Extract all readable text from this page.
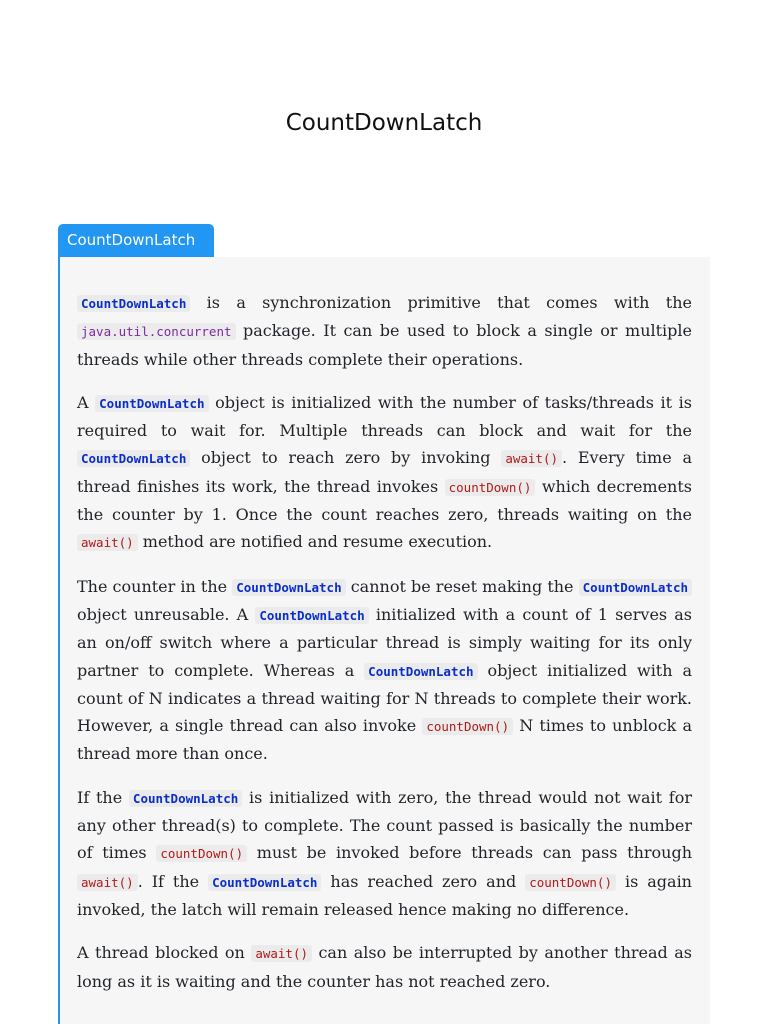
CountDownLatch
CountDownLatch

CountDownLatch is a synchronization primitive that comes with the java.util.concurrent package. It can be used to block a single or multiple threads while other threads complete their operations.

A CountDownLatch object is initialized with the number of tasks/threads it is required to wait for. Multiple threads can block and wait for the CountDownLatch object to reach zero by invoking await() . Every time a thread finishes its work, the thread invokes countDown() which decrements the counter by 1. Once the count reaches zero, threads waiting on the await() method are notified and resume execution.

The counter in the CountDownLatch cannot be reset making the CountDownLatch object unreusable. A CountDownLatch initialized with a count of 1 serves as an on/off switch where a particular thread is simply waiting for its only partner to complete. Whereas a CountDownLatch object initialized with a count of N indicates a thread waiting for N threads to complete their work. However, a single thread can also invoke countDown() N times to unblock a thread more than once.

If the CountDownLatch is initialized with zero, the thread would not wait for any other thread(s) to complete. The count passed is basically the number of times countDown() must be invoked before threads can pass through await() . If the CountDownLatch has reached zero and countDown() is again invoked, the latch will remain released hence making no difference.

A thread blocked on await() can also be interrupted by another thread as long as it is waiting and the counter has not reached zero.
